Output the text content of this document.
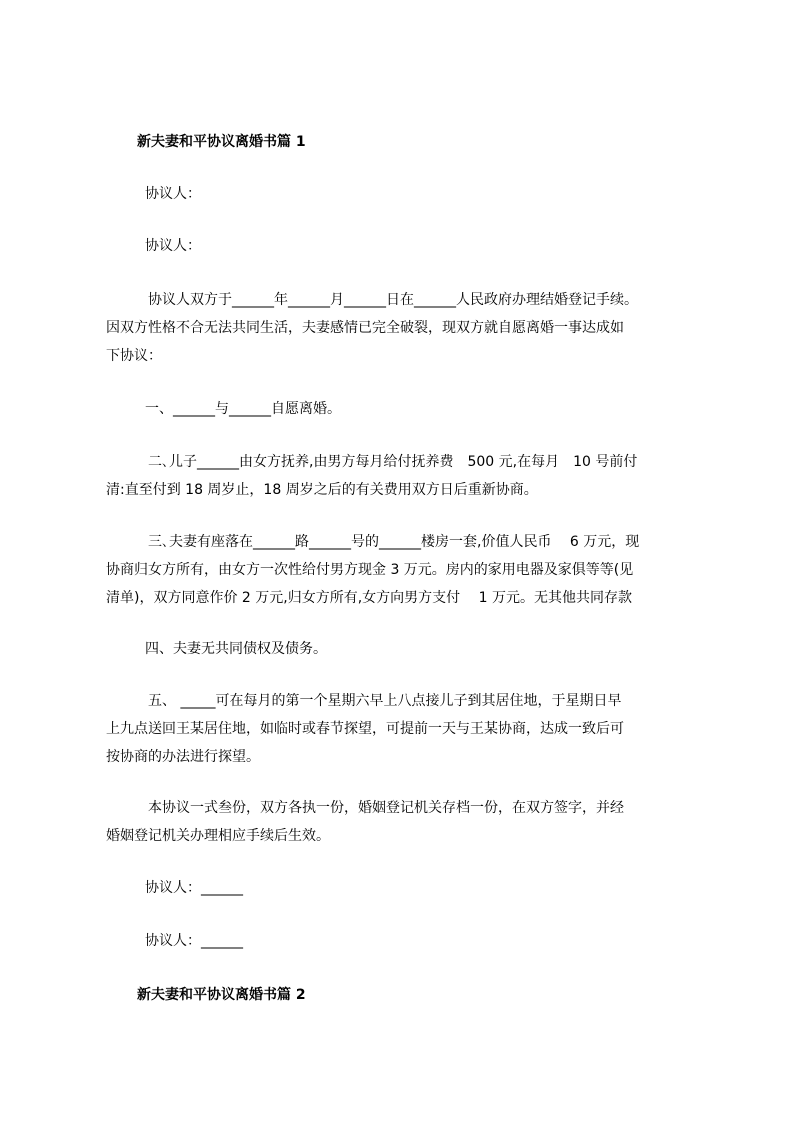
新夫妻和平协议离婚书篇 1
协议人：
协议人：
协议人双方于______年______月______日在______人民政府办理结婚登记手续。
因双方性格不合无法共同生活，夫妻感情已完全破裂，现双方就自愿离婚一事达成如
下协议：
一、______与______自愿离婚。
二､儿子______由女方抚养,由男方每月给付抚养费　500 元,在每月　10 号前付
清:直至付到 18 周岁止，18 周岁之后的有关费用双方日后重新协商。
三､夫妻有座落在______路______号的______楼房一套,价值人民币　 6 万元，现
协商归女方所有，由女方一次性给付男方现金 3 万元。房内的家用电器及家俱等等(见
清单)，双方同意作价 2 万元,归女方所有,女方向男方支付　 1 万元。无其他共同存款
四、夫妻无共同债权及债务。
五、 _____可在每月的第一个星期六早上八点接儿子到其居住地，于星期日早
上九点送回王某居住地，如临时或春节探望，可提前一天与王某协商，达成一致后可
按协商的办法进行探望。
本协议一式叁份，双方各执一份，婚姻登记机关存档一份，在双方签字，并经
婚姻登记机关办理相应手续后生效。
协议人：______
协议人：______
新夫妻和平协议离婚书篇 2
